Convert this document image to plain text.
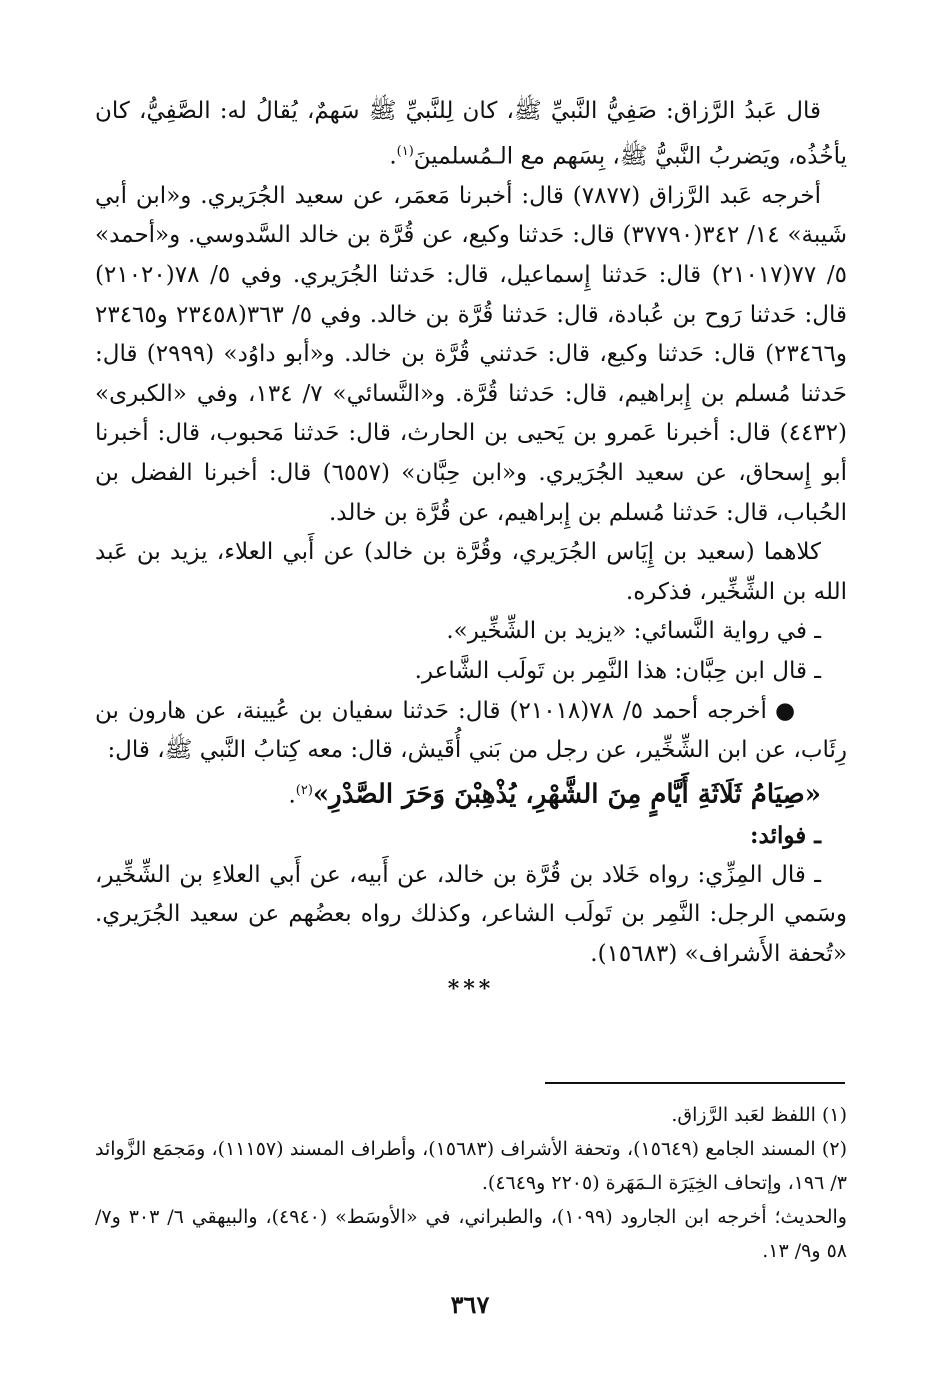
قال عَبدُ الرَّزاق: صَفِيُّ النَّبيِّ ﷺ، كان لِلنَّبيِّ ﷺ سَهمٌ، يُقالُ له: الصَّفِيُّ، كان يأخُذُه، ويَضربُ النَّبيُّ ﷺ، بِسَهم مع الـمُسلمينَ$^{(١)}$.

أخرجه عَبد الرَّزاق (٧٨٧٧) قال: أخبرنا مَعمَر، عن سعيد الجُرَيري. و«ابن أبي شَيبة» ١٤/ ٣٤٢(٣٧٧٩٠) قال: حَدثنا وكيع، عن قُرَّة بن خالد السَّدوسي. و«أحمد» ٥/ ٧٧(٢١٠١٧) قال: حَدثنا إِسماعيل، قال: حَدثنا الجُرَيري. وفي ٥/ ٧٨(٢١٠٢٠) قال: حَدثنا رَوح بن عُبادة، قال: حَدثنا قُرَّة بن خالد. وفي ٥/ ٣٦٣(٢٣٤٥٨ و٢٣٤٦٥ و٢٣٤٦٦) قال: حَدثنا وكيع، قال: حَدثني قُرَّة بن خالد. و«أبو داوُد» (٢٩٩٩) قال: حَدثنا مُسلم بن إِبراهيم، قال: حَدثنا قُرَّة. و«النَّسائي» ٧/ ١٣٤، وفي «الكبرى» (٤٤٣٢) قال: أخبرنا عَمرو بن يَحيى بن الحارث، قال: حَدثنا مَحبوب، قال: أخبرنا أبو إِسحاق، عن سعيد الجُرَيري. و«ابن حِبَّان» (٦٥٥٧) قال: أخبرنا الفضل بن الحُباب، قال: حَدثنا مُسلم بن إِبراهيم، عن قُرَّة بن خالد.

كلاهما (سعيد بن إِيَاس الجُرَيري، وقُرَّة بن خالد) عن أَبي العلاء، يزيد بن عَبد الله بن الشِّخِّير، فذكره.

ـ في رواية النَّسائي: «يزيد بن الشِّخِّير».

ـ قال ابن حِبَّان: هذا النَّمِر بن تَولَب الشَّاعر.

●أخرجه أحمد ٥/ ٧٨(٢١٠١٨) قال: حَدثنا سفيان بن عُيينة، عن هارون بن رِئَاب، عن ابن الشِّخِّير، عن رجل من بَني أُقَيش، قال: معه كِتابُ النَّبي ﷺ، قال:

«صِيَامُ ثَلَاثَةِ أَيَّامٍ مِنَ الشَّهْرِ، يُذْهِبْنَ وَحَرَ الصَّدْرِ»$^{(٢)}$.

ـ فوائد:

ـ قال المِزِّي: رواه خَلاد بن قُرَّة بن خالد، عن أَبيه، عن أَبي العلاءِ بن الشِّخِّير، وسَمي الرجل: النَّمِر بن تَولَب الشاعر، وكذلك رواه بعضُهم عن سعيد الجُرَيري. «تُحفة الأَشراف» (١٥٦٨٣).

***

(١) اللفظ لعَبد الرَّزاق.

(٢) المسند الجامع (١٥٦٤٩)، وتحفة الأشراف (١٥٦٨٣)، وأطراف المسند (١١١٥٧)، ومَجمَع الزَّوائد ٣/ ١٩٦، وإتحاف الخِيَرَة الـمَهَرة (٢٢٠٥ و٤٦٤٩).

والحديث؛ أخرجه ابن الجارود (١٠٩٩)، والطبراني، في «الأوسَط» (٤٩٤٠)، والبيهقي ٦/ ٣٠٣ و٧/ ٥٨ و٩/ ١٣.

٣٦٧
